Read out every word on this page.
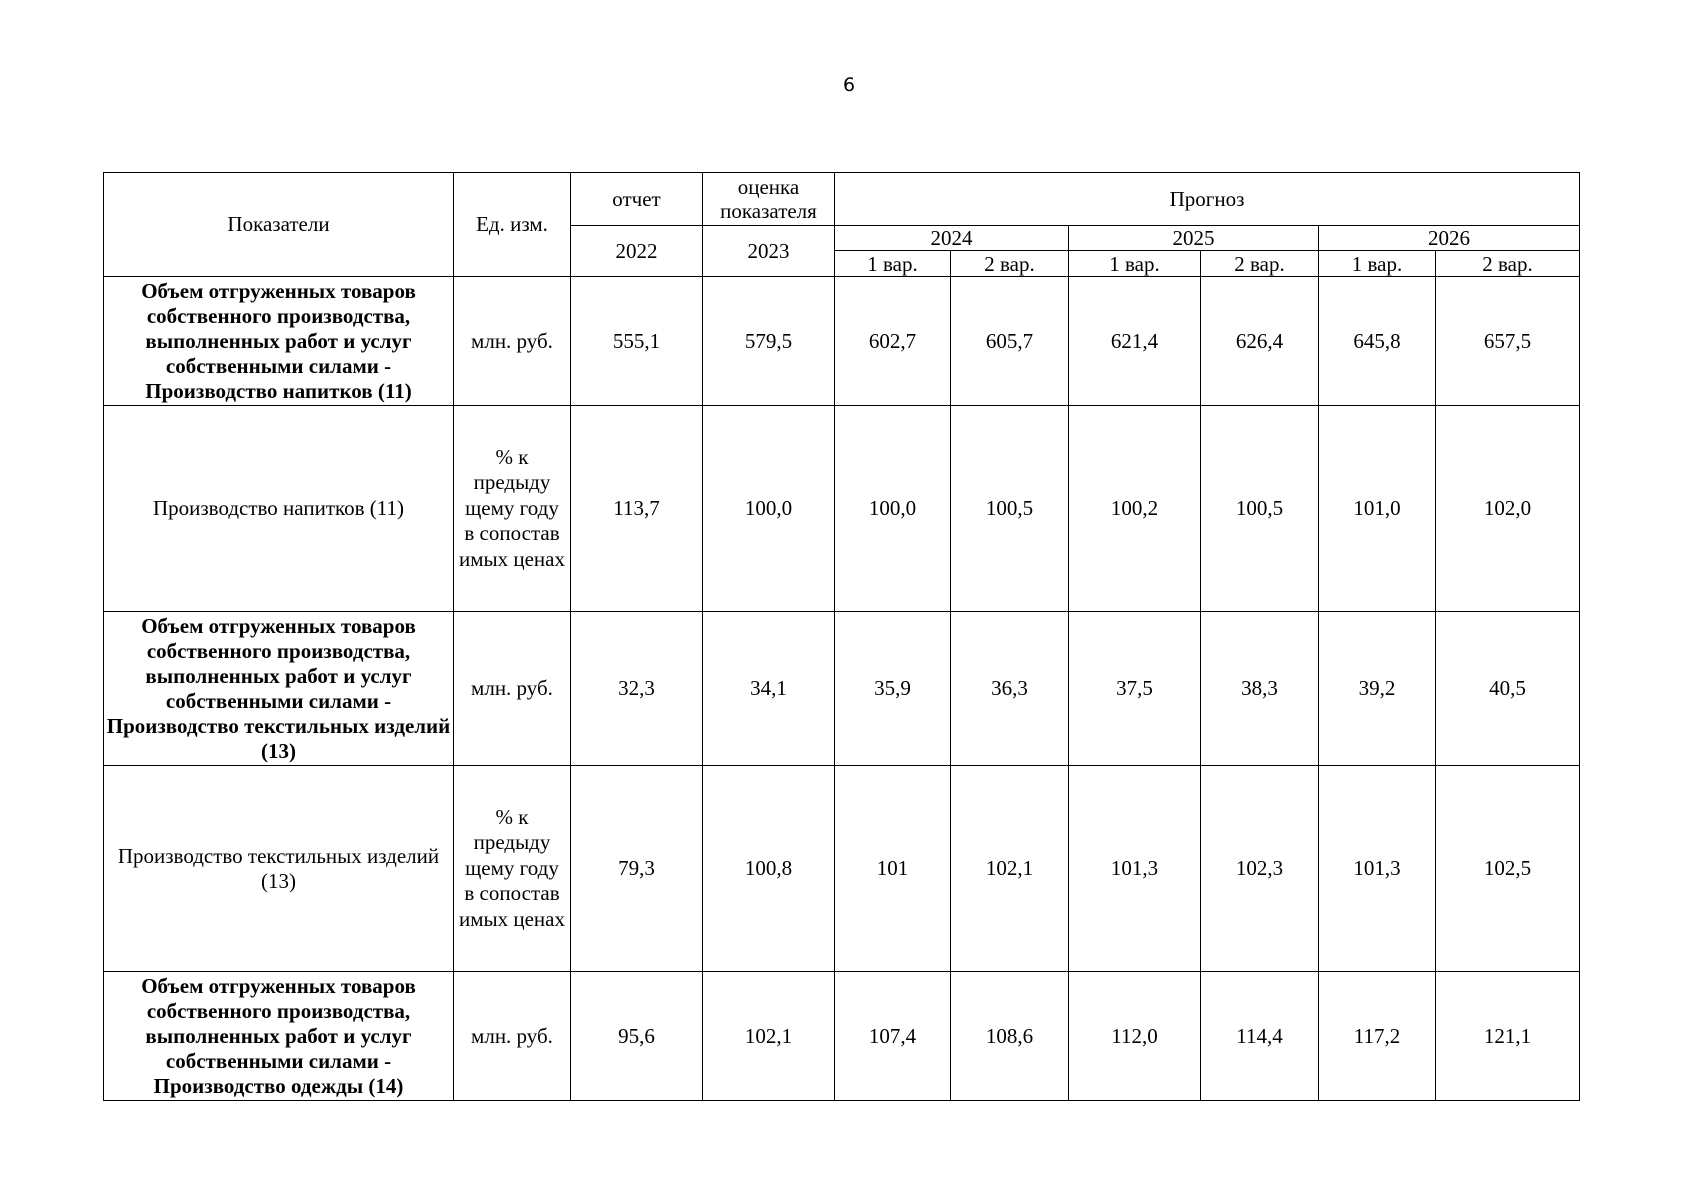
6
Показатели	Ед. изм.	отчет	оценка показателя	Прогноз					
		2022	2023	2024		2025		2026	
				1 вар.	2 вар.	1 вар.	2 вар.	1 вар.	2 вар.
Объем отгруженных товаров собственного производства, выполненных работ и услуг собственными силами - Производство напитков (11)	млн. руб.	555,1	579,5	602,7	605,7	621,4	626,4	645,8	657,5
Производство напитков (11)	% к предыду щему году в сопостав имых ценах	113,7	100,0	100,0	100,5	100,2	100,5	101,0	102,0
Объем отгруженных товаров собственного производства, выполненных работ и услуг собственными силами - Производство текстильных изделий (13)	млн. руб.	32,3	34,1	35,9	36,3	37,5	38,3	39,2	40,5
Производство текстильных изделий (13)	% к предыду щему году в сопостав имых ценах	79,3	100,8	101	102,1	101,3	102,3	101,3	102,5
Объем отгруженных товаров собственного производства, выполненных работ и услуг собственными силами - Производство одежды (14)	млн. руб.	95,6	102,1	107,4	108,6	112,0	114,4	117,2	121,1
